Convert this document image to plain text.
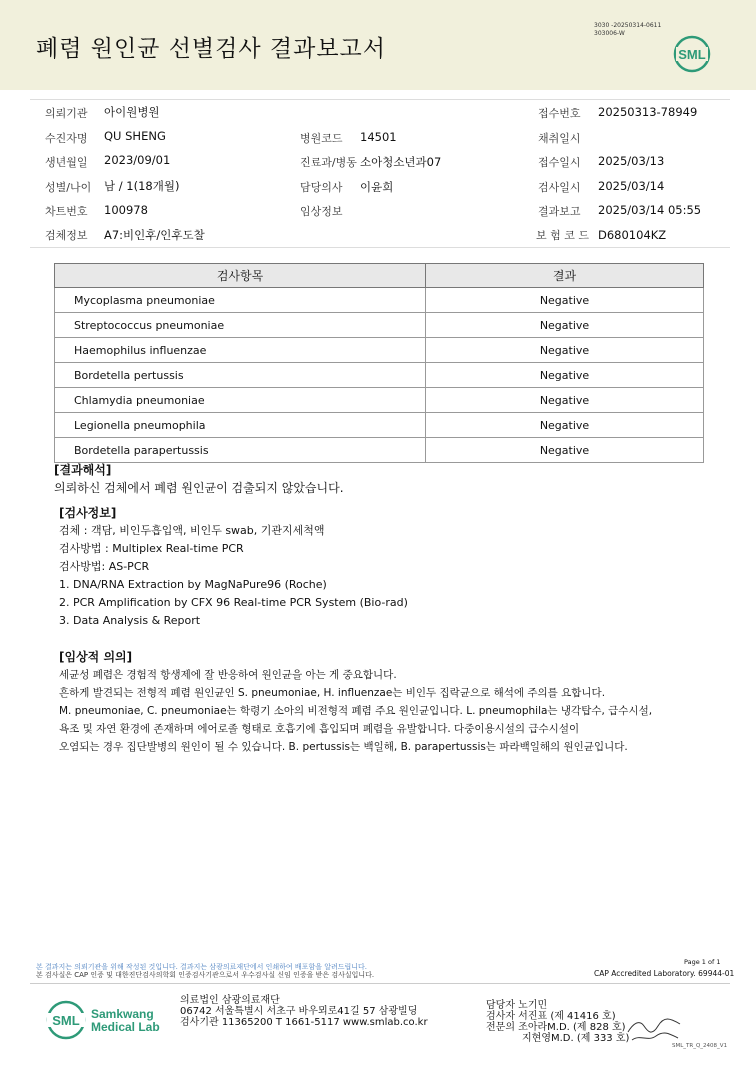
폐렴 원인균 선별검사 결과보고서
3030 -20250314-0611
303006-W
SML
의뢰기관 아이원병원	접수번호 20250313-78949
수진자명 QU SHENG	병원코드 14501	채취일시
생년월일 2023/09/01	진료과/병동 소아청소년과07	접수일시 2025/03/13
성별/나이 남 / 1(18개월)	담당의사 이윤희	검사일시 2025/03/14
차트번호 100978	임상정보	결과보고 2025/03/14 05:55
검체정보 A7:비인후/인후도찰	보 험 코 드 D680104KZ
검사항목	결과
Mycoplasma pneumoniae	Negative
Streptococcus pneumoniae	Negative
Haemophilus influenzae	Negative
Bordetella pertussis	Negative
Chlamydia pneumoniae	Negative
Legionella pneumophila	Negative
Bordetella parapertussis	Negative
[결과해석]
의뢰하신 검체에서 폐렴 원인균이 검출되지 않았습니다.
[검사정보]
검체 : 객담, 비인두흡입액, 비인두 swab, 기관지세척액
검사방법 : Multiplex Real-time PCR
검사방법: AS-PCR
1. DNA/RNA Extraction by MagNaPure96 (Roche)
2. PCR Amplification by CFX 96 Real-time PCR System (Bio-rad)
3. Data Analysis & Report
[임상적 의의]
세균성 폐렴은 경험적 항생제에 잘 반응하여 원인균을 아는 게 중요합니다.
흔하게 발견되는 전형적 폐렴 원인균인 S. pneumoniae, H. influenzae는 비인두 집락균으로 해석에 주의를 요합니다.
M. pneumoniae, C. pneumoniae는 학령기 소아의 비전형적 폐렴 주요 원인균입니다. L. pneumophila는 냉각탑수, 급수시설,
욕조 및 자연 환경에 존재하며 에어로졸 형태로 호흡기에 흡입되며 폐렴을 유발합니다. 다중이용시설의 급수시설이
오염되는 경우 집단발병의 원인이 될 수 있습니다. B. pertussis는 백일해, B. parapertussis는 파라백일해의 원인균입니다.
본 결과지는 의뢰기관을 위해 작성된 것입니다. 결과지는 삼광의료재단에서 인쇄하여 배포함을 알려드립니다.
본 검사실은 CAP 인증 및 대한진단검사의학회 인증검사기관으로서 우수검사실 신임 인증을 받은 검사실입니다.
Page 1 of 1
CAP Accredited Laboratory. 69944-01
SML Samkwang
Medical Lab
의료법인 삼광의료재단
06742 서울특별시 서초구 바우뫼로41길 57 삼광빌딩
검사기관 11365200 T 1661-5117 www.smlab.co.kr
담당자 노기민
검사자 서진표 (제 41416 호)
전문의 조아라M.D. (제 828 호)
지현영M.D. (제 333 호)
SML_TR_Q_2408_V1
